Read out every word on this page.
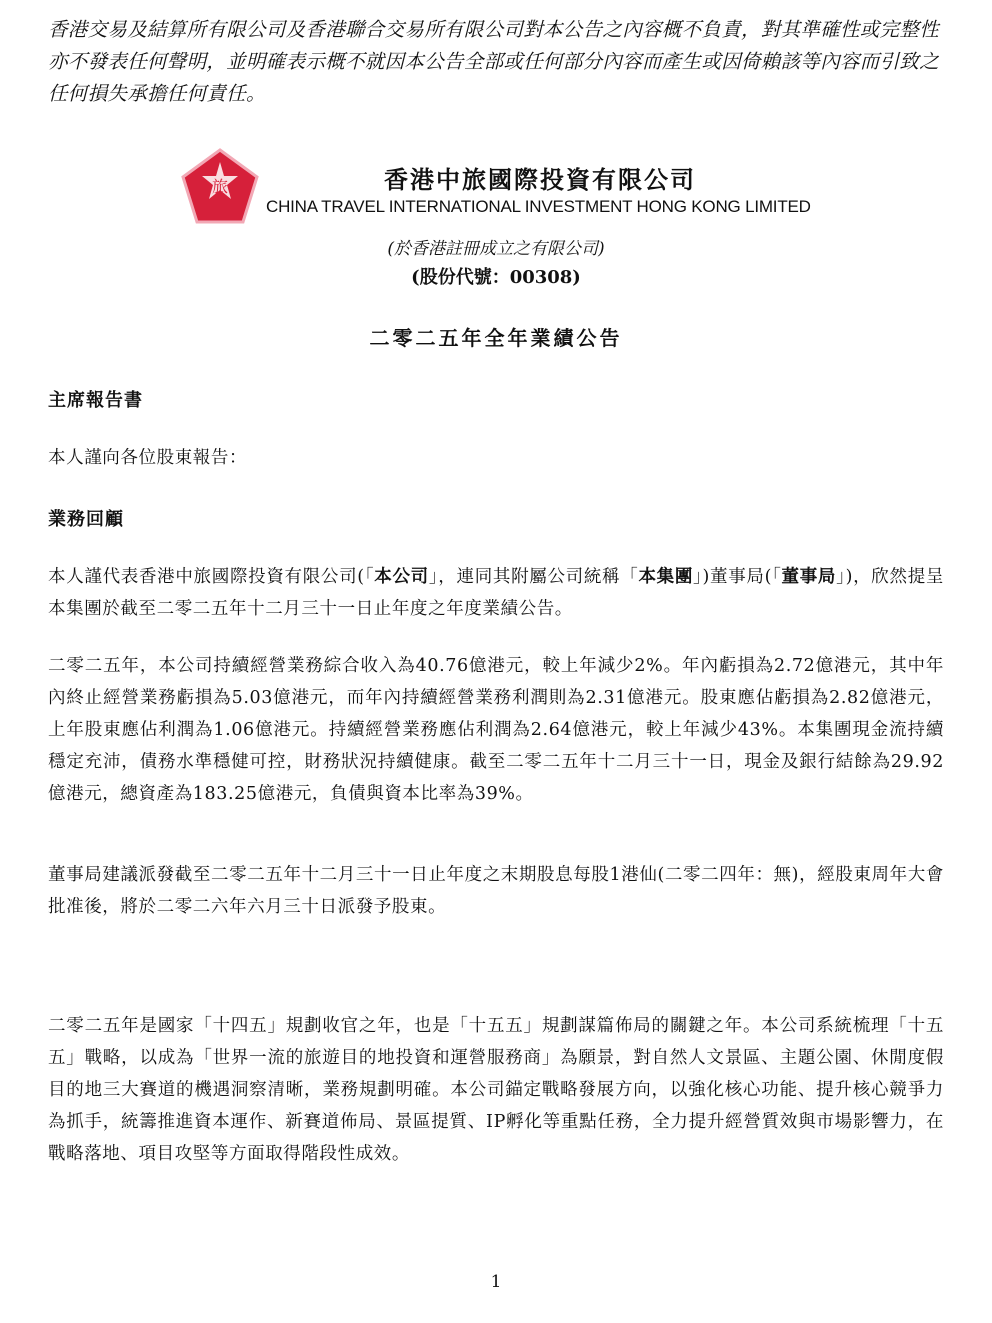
香港交易及結算所有限公司及香港聯合交易所有限公司對本公告之內容概不負責，對其準確性或完整性亦不發表任何聲明，並明確表示概不就因本公告全部或任何部分內容而產生或因倚賴該等內容而引致之任何損失承擔任何責任。
旅	香港中旅國際投資有限公司
CHINA TRAVEL INTERNATIONAL INVESTMENT HONG KONG LIMITED
(於香港註冊成立之有限公司)
(股份代號：00308)
二零二五年全年業績公告
主席報告書
本人謹向各位股東報告：
業務回顧
本人謹代表香港中旅國際投資有限公司(「本公司」，連同其附屬公司統稱「本集團」)董事局(「董事局」)，欣然提呈本集團於截至二零二五年十二月三十一日止年度之年度業績公告。
二零二五年，本公司持續經營業務綜合收入為40.76億港元，較上年減少2%。年內虧損為2.72億港元，其中年內終止經營業務虧損為5.03億港元，而年內持續經營業務利潤則為2.31億港元。股東應佔虧損為2.82億港元，上年股東應佔利潤為1.06億港元。持續經營業務應佔利潤為2.64億港元，較上年減少43%。本集團現金流持續穩定充沛，債務水準穩健可控，財務狀況持續健康。截至二零二五年十二月三十一日，現金及銀行結餘為29.92億港元，總資產為183.25億港元，負債與資本比率為39%。
董事局建議派發截至二零二五年十二月三十一日止年度之末期股息每股1港仙(二零二四年：無)，經股東周年大會批准後，將於二零二六年六月三十日派發予股東。
二零二五年是國家「十四五」規劃收官之年，也是「十五五」規劃謀篇佈局的關鍵之年。本公司系統梳理「十五五」戰略，以成為「世界一流的旅遊目的地投資和運營服務商」為願景，對自然人文景區、主題公園、休閒度假目的地三大賽道的機遇洞察清晰，業務規劃明確。本公司錨定戰略發展方向，以強化核心功能、提升核心競爭力為抓手，統籌推進資本運作、新賽道佈局、景區提質、IP孵化等重點任務，全力提升經營質效與市場影響力，在戰略落地、項目攻堅等方面取得階段性成效。
1
